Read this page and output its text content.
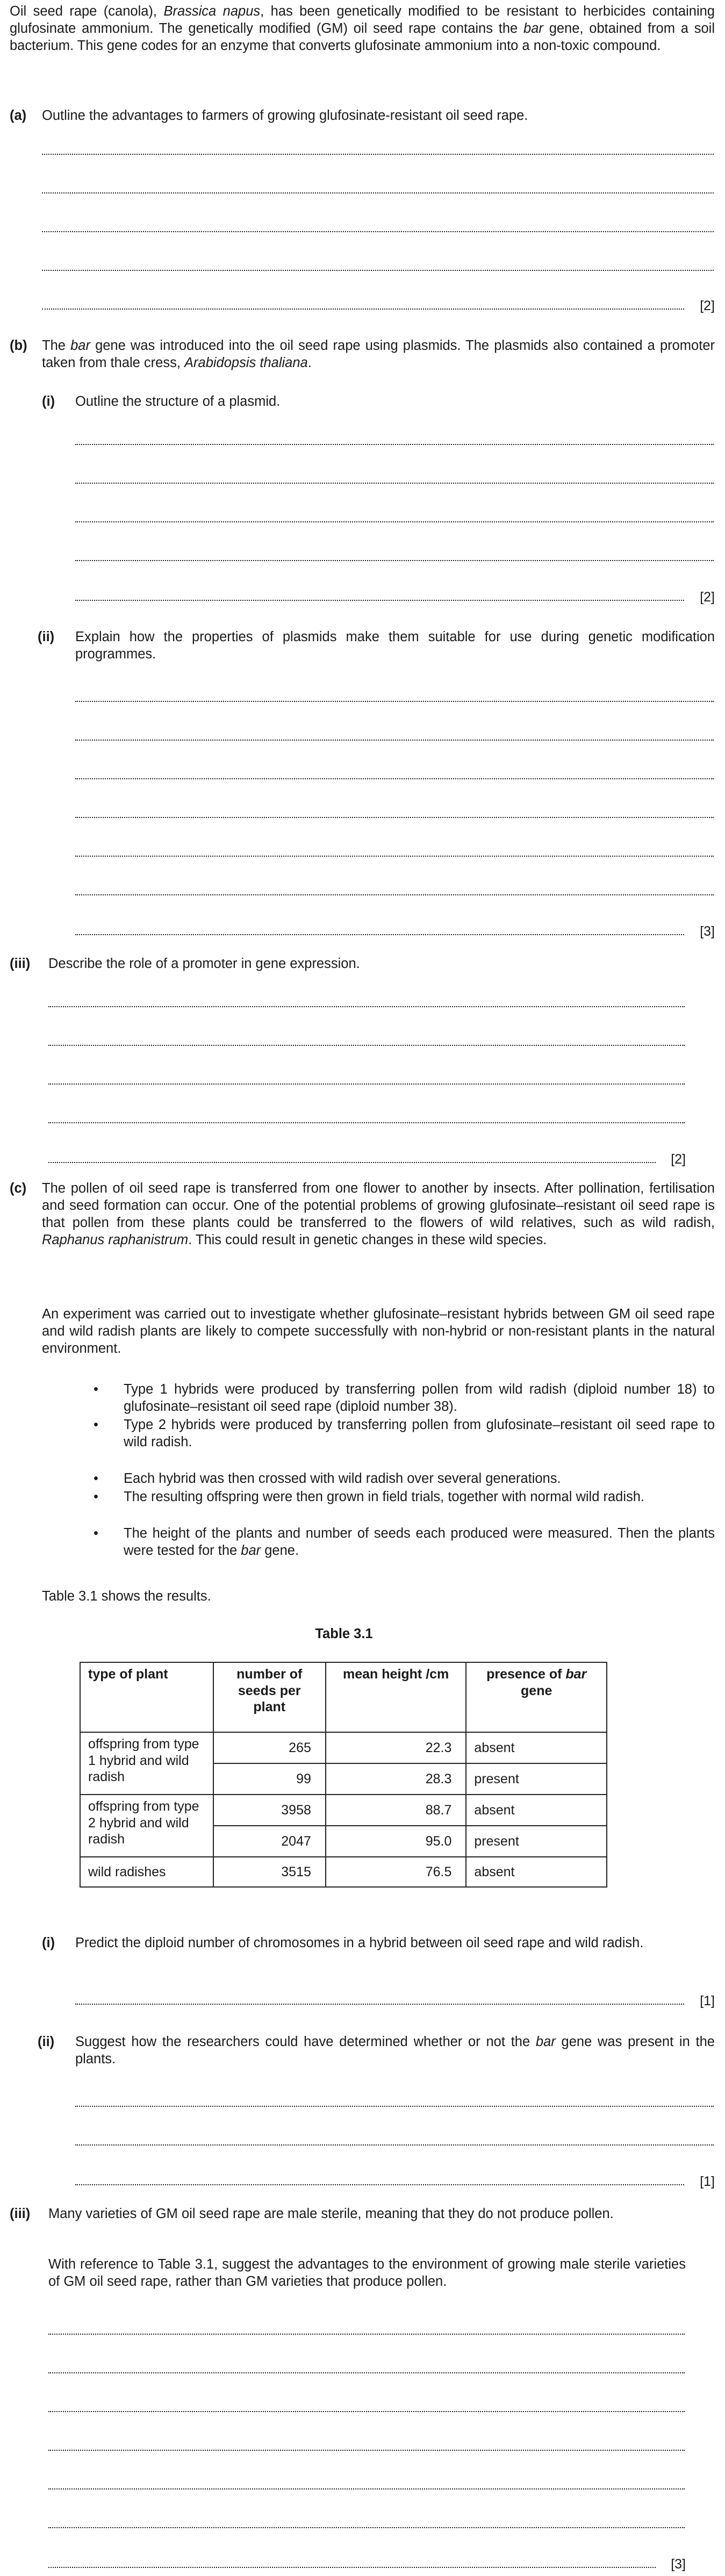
Oil seed rape (canola), Brassica napus, has been genetically modified to be resistant to herbicides containing glufosinate ammonium. The genetically modified (GM) oil seed rape contains the bar gene, obtained from a soil bacterium. This gene codes for an enzyme that converts glufosinate ammonium into a non-toxic compound.

(a) Outline the advantages to farmers of growing glufosinate-resistant oil seed rape.

[2]
(b) The bar gene was introduced into the oil seed rape using plasmids. The plasmids also contained a promoter taken from thale cress, Arabidopsis thaliana.

(i) Outline the structure of a plasmid.

[2]
(ii) Explain how the properties of plasmids make them suitable for use during genetic modification programmes.

[3]
(iii) Describe the role of a promoter in gene expression.

[2]
(c) The pollen of oil seed rape is transferred from one flower to another by insects. After pollination, fertilisation and seed formation can occur. One of the potential problems of growing glufosinate–resistant oil seed rape is that pollen from these plants could be transferred to the flowers of wild relatives, such as wild radish, Raphanus raphanistrum. This could result in genetic changes in these wild species.

An experiment was carried out to investigate whether glufosinate–resistant hybrids between GM oil seed rape and wild radish plants are likely to compete successfully with non-hybrid or non-resistant plants in the natural environment.

• Type 1 hybrids were produced by transferring pollen from wild radish (diploid number 18) to glufosinate–resistant oil seed rape (diploid number 38).

• Type 2 hybrids were produced by transferring pollen from glufosinate–resistant oil seed rape to wild radish.

• Each hybrid was then crossed with wild radish over several generations.

• The resulting offspring were then grown in field trials, together with normal wild radish.

• The height of the plants and number of seeds each produced were measured. Then the plants were tested for the bar gene.

Table 3.1 shows the results.

Table 3.1
type of plant	number of seeds per plant	mean height /cm	presence of bar gene
offspring from type 1 hybrid and wild radish	265	22.3	absent
	99	28.3	present
offspring from type 2 hybrid and wild radish	3958	88.7	absent
	2047	95.0	present
wild radishes	3515	76.5	absent
(i) Predict the diploid number of chromosomes in a hybrid between oil seed rape and wild radish.

[1]
(ii) Suggest how the researchers could have determined whether or not the bar gene was present in the plants.

[1]
(iii) Many varieties of GM oil seed rape are male sterile, meaning that they do not produce pollen.

With reference to Table 3.1, suggest the advantages to the environment of growing male sterile varieties of GM oil seed rape, rather than GM varieties that produce pollen.

[3]
